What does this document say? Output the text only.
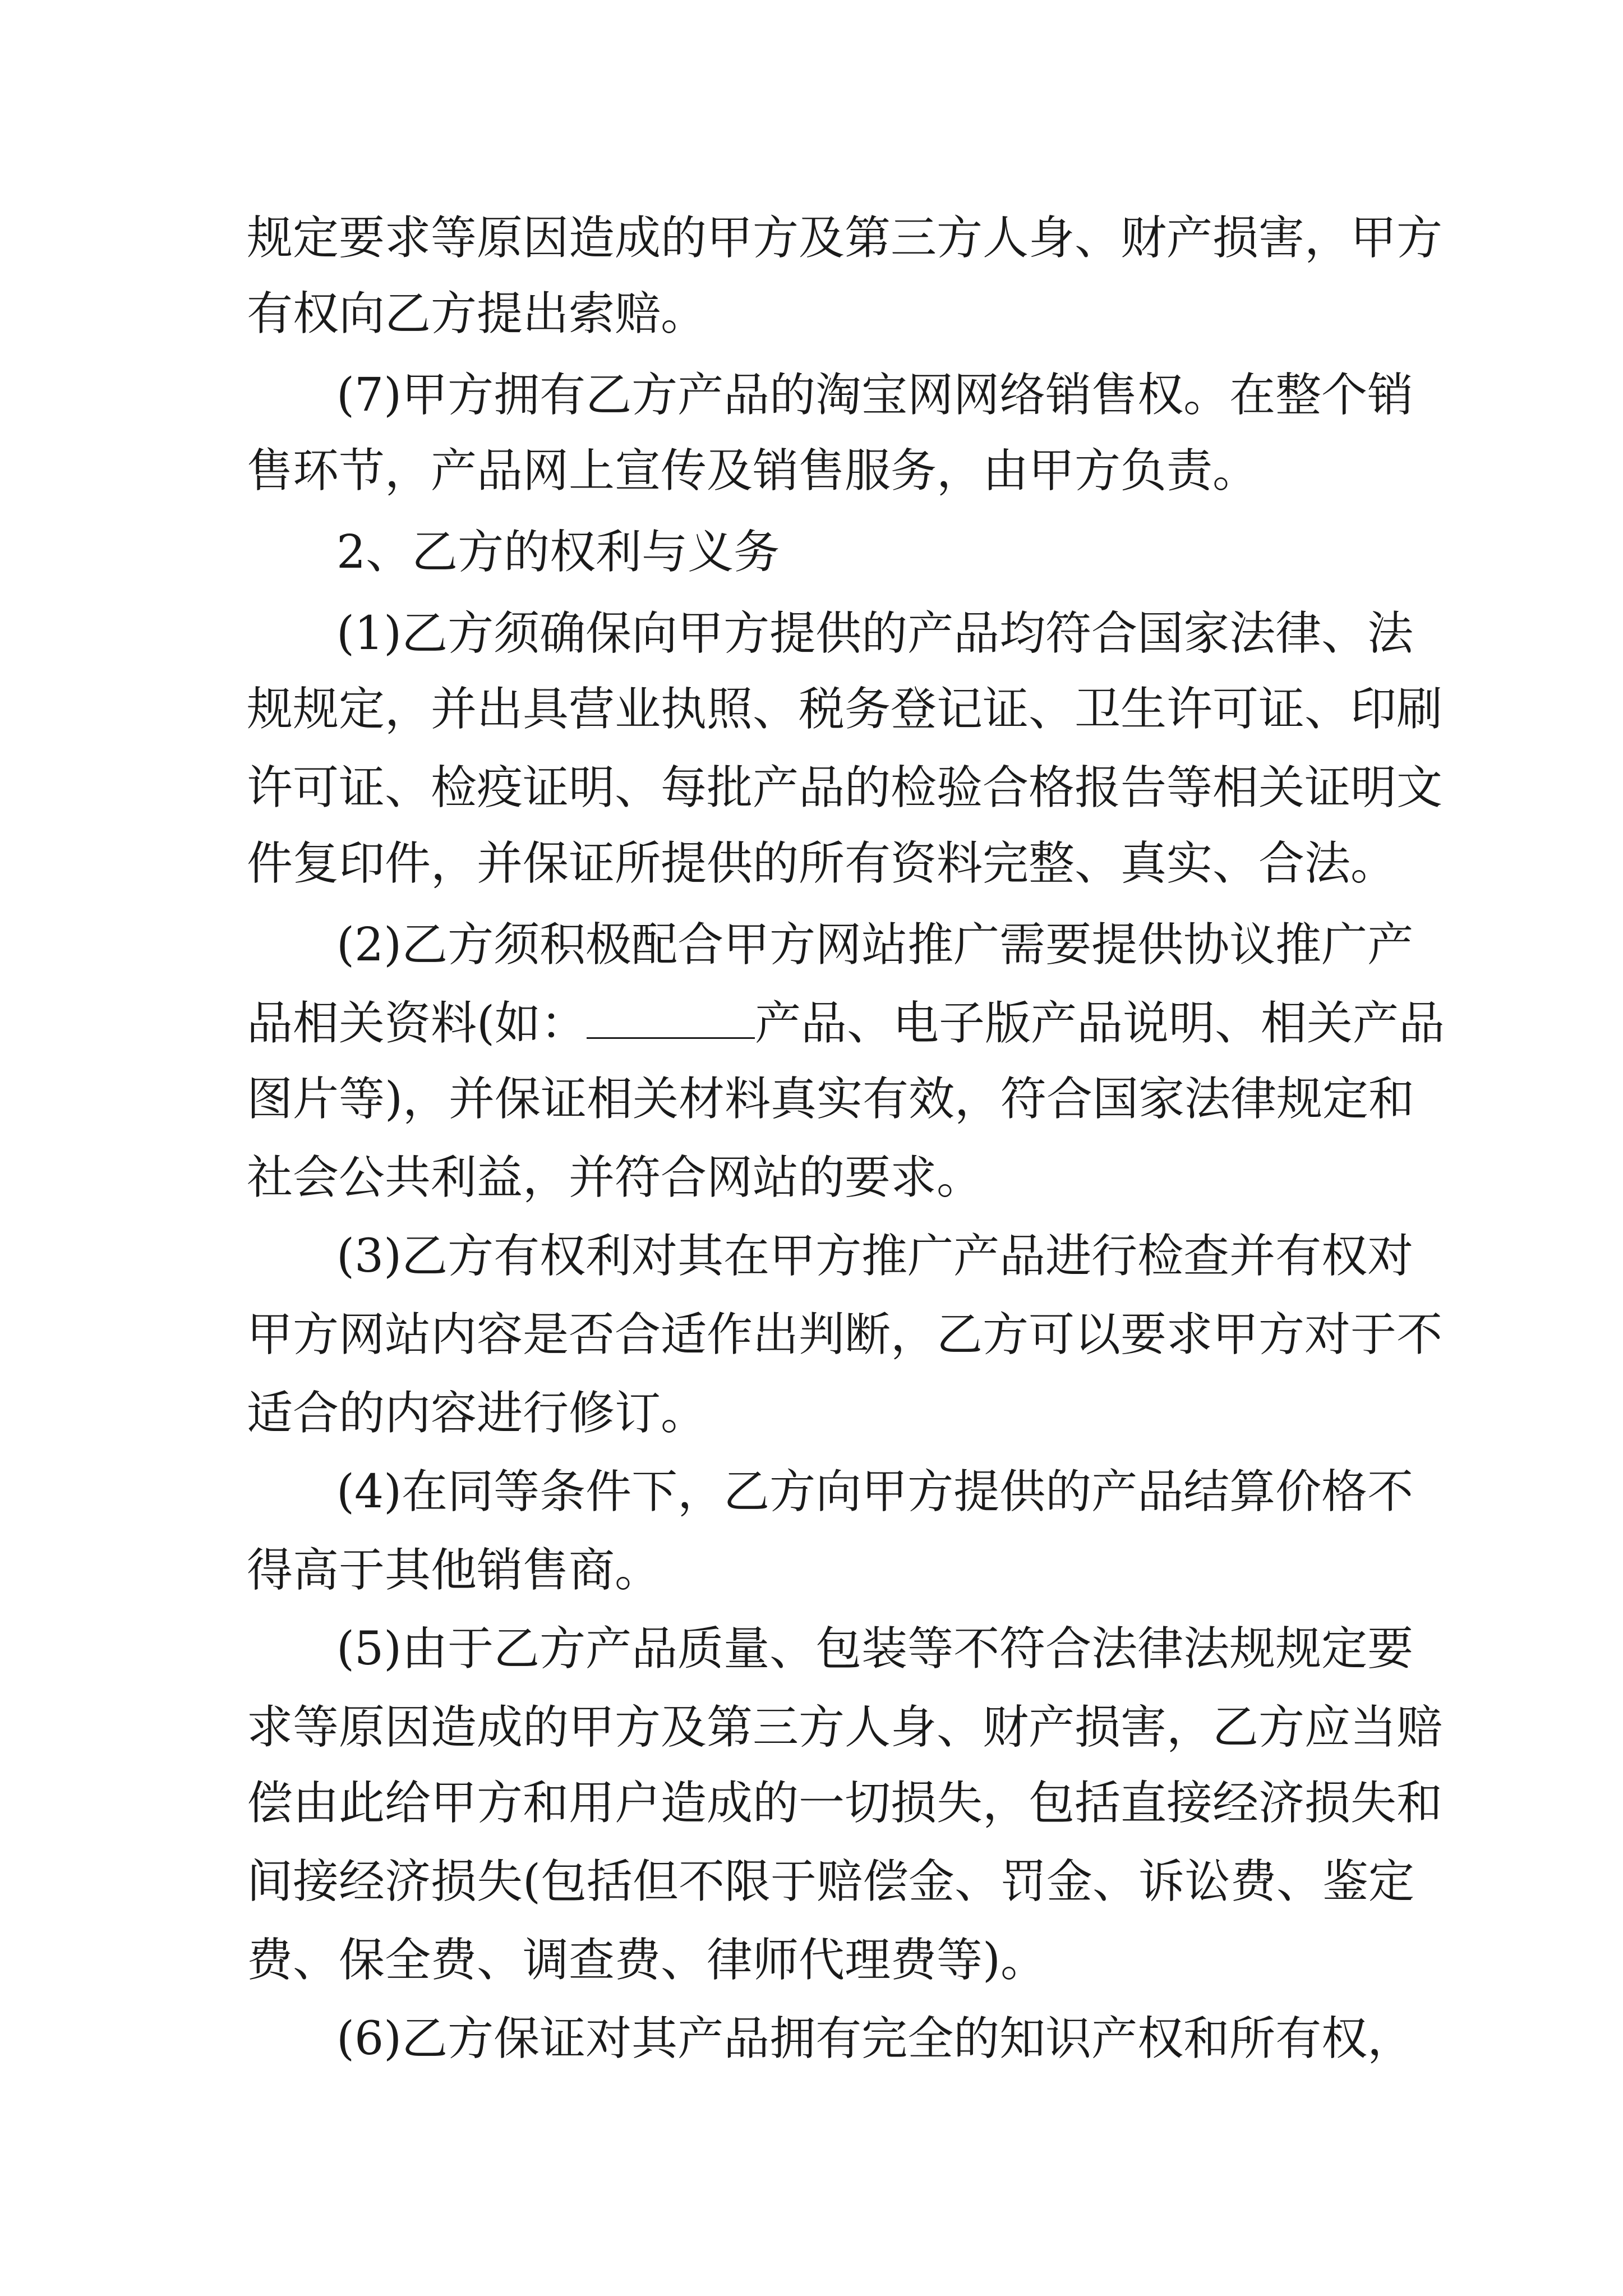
规定要求等原因造成的甲方及第三方人身、财产损害，甲方
有权向乙方提出索赔。
(7)甲方拥有乙方产品的淘宝网网络销售权。在整个销
售环节，产品网上宣传及销售服务，由甲方负责。
2、乙方的权利与义务
(1)乙方须确保向甲方提供的产品均符合国家法律、法
规规定，并出具营业执照、税务登记证、卫生许可证、印刷
许可证、检疫证明、每批产品的检验合格报告等相关证明文
件复印件，并保证所提供的所有资料完整、真实、合法。
(2)乙方须积极配合甲方网站推广需要提供协议推广产
品相关资料(如：	产品、电子版产品说明、相关产品
图片等)，并保证相关材料真实有效，符合国家法律规定和
社会公共利益，并符合网站的要求。
(3)乙方有权利对其在甲方推广产品进行检查并有权对
甲方网站内容是否合适作出判断，乙方可以要求甲方对于不
适合的内容进行修订。
(4)在同等条件下，乙方向甲方提供的产品结算价格不
得高于其他销售商。
(5)由于乙方产品质量、包装等不符合法律法规规定要
求等原因造成的甲方及第三方人身、财产损害，乙方应当赔
偿由此给甲方和用户造成的一切损失，包括直接经济损失和
间接经济损失(包括但不限于赔偿金、罚金、诉讼费、鉴定
费、保全费、调查费、律师代理费等)。
(6)乙方保证对其产品拥有完全的知识产权和所有权，
